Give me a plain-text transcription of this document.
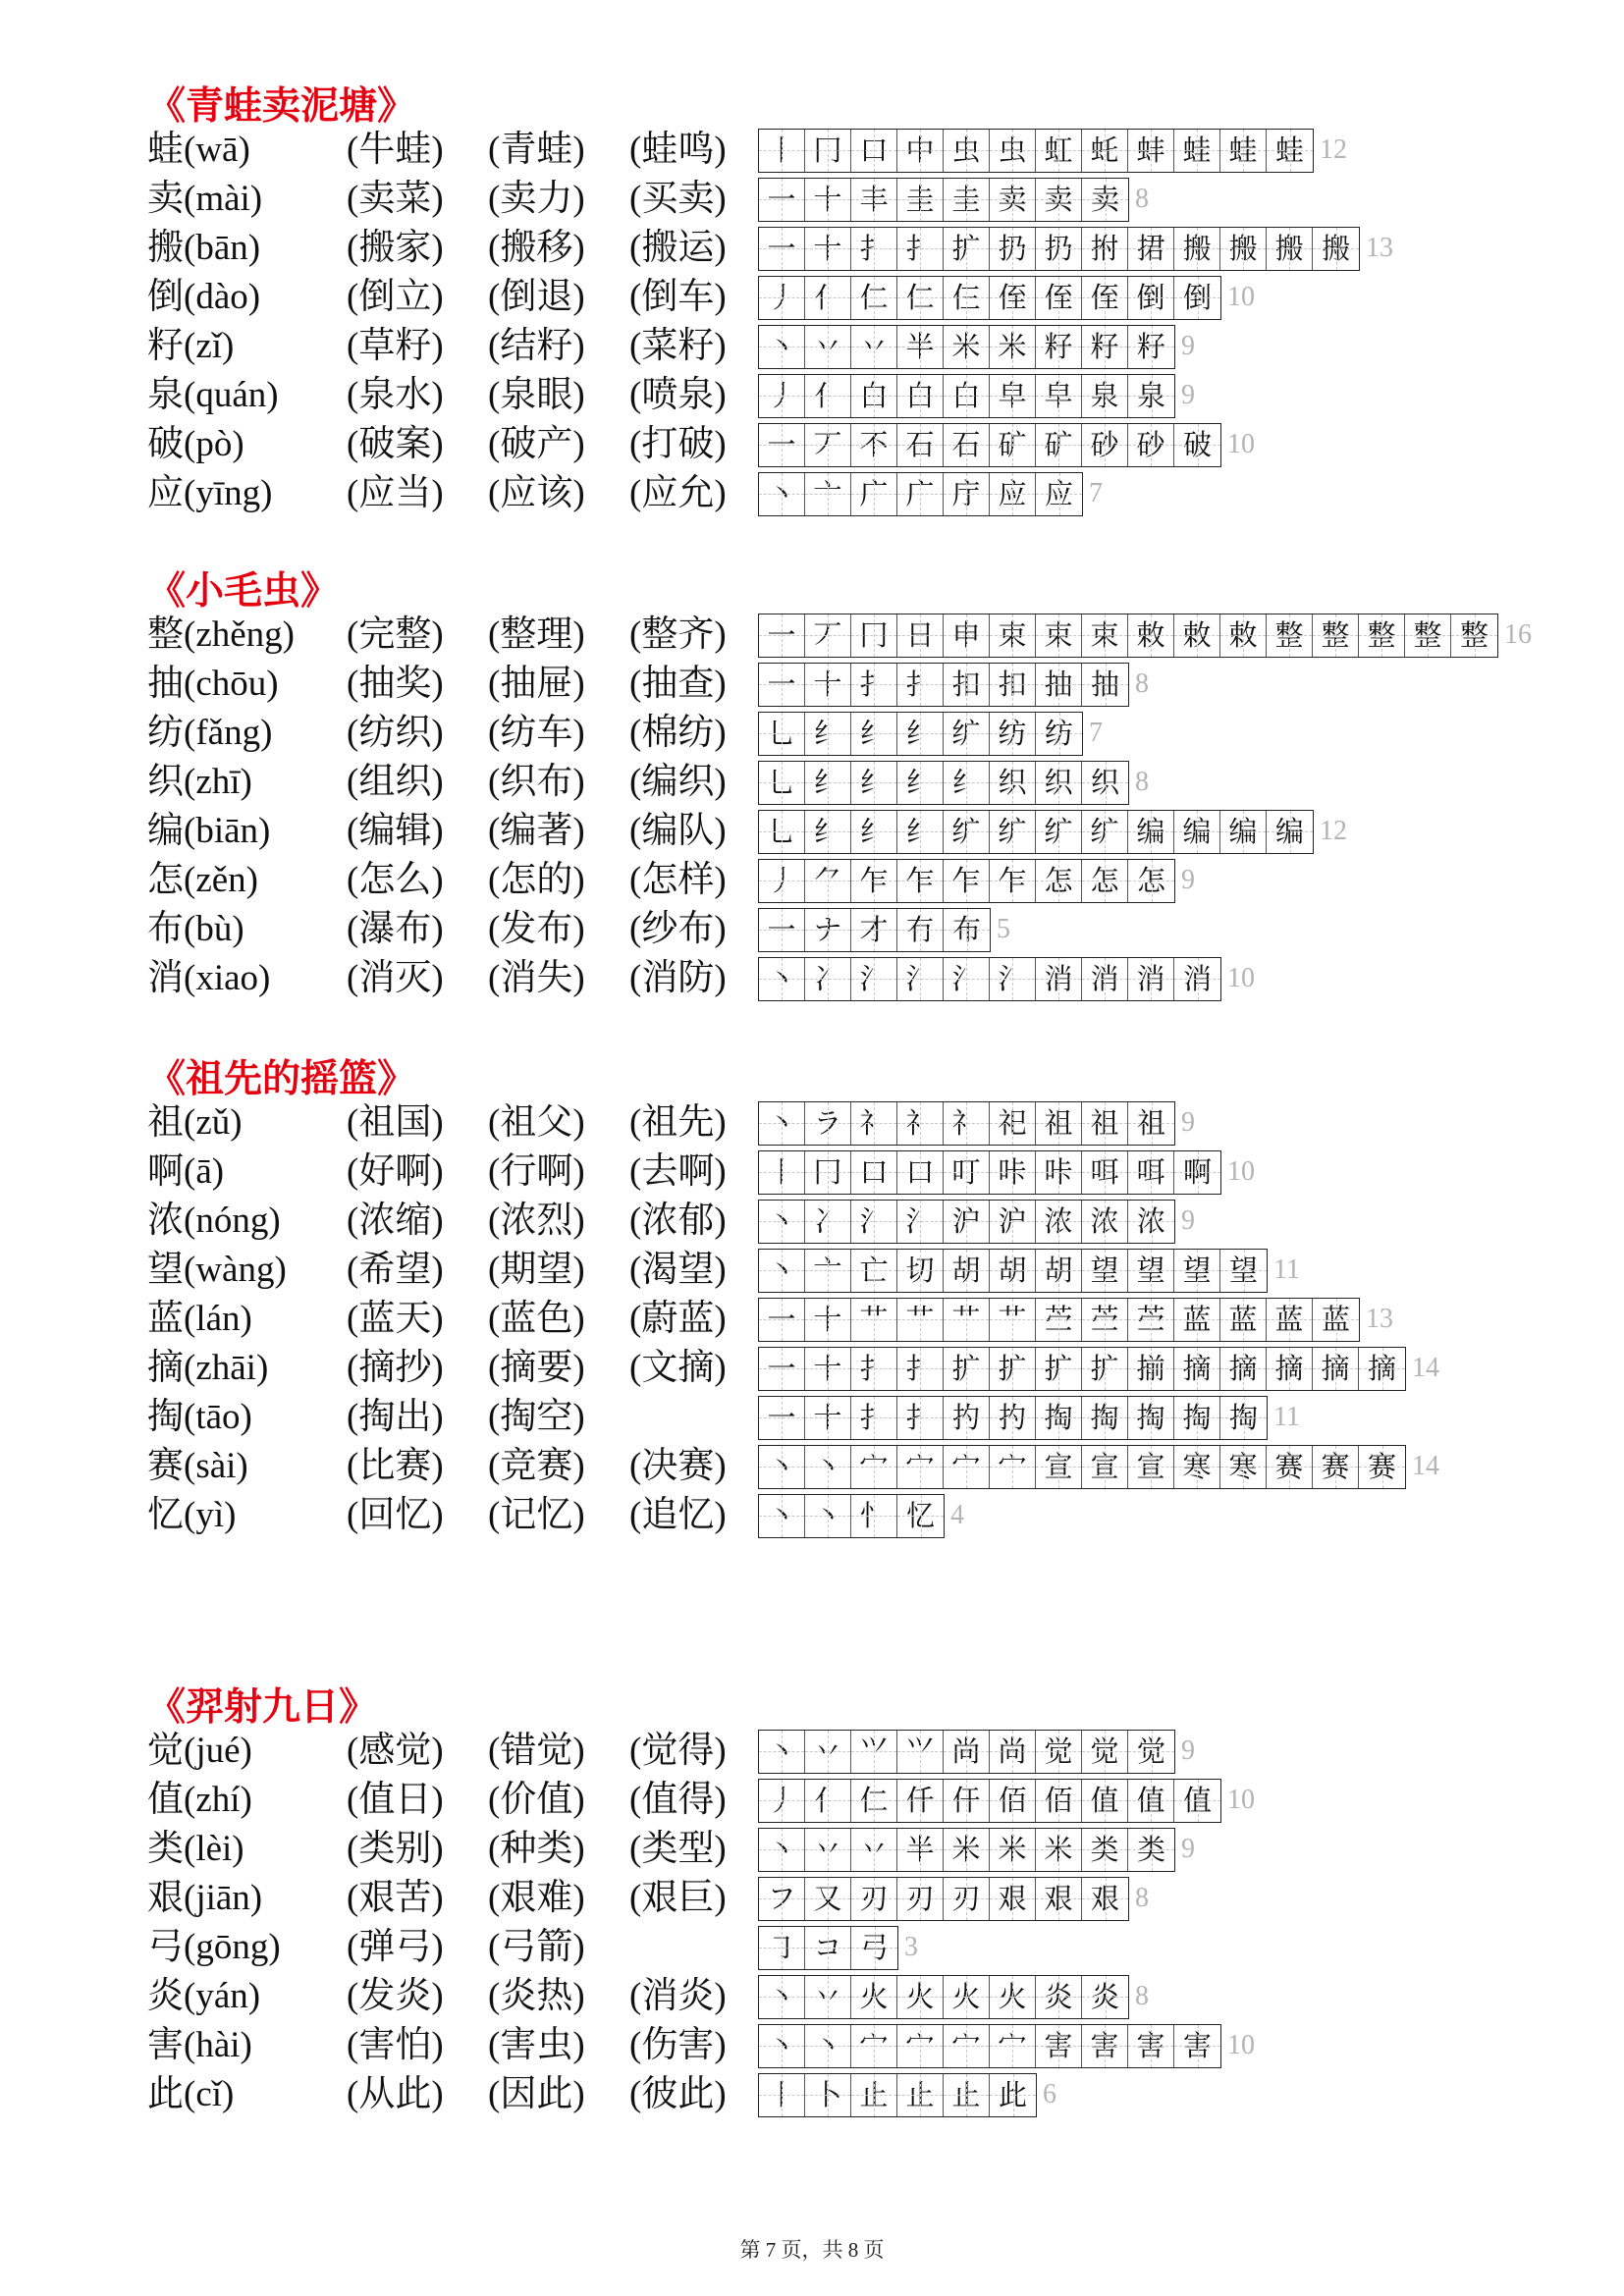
第 7 页，共 8 页
《青蛙卖泥塘》
蛙(wā)	(牛蛙) (青蛙) (蛙鸣) 丨 冂 口 中 虫 虫 虹 虴 蚌 蛙 蛙 蛙 12
卖(mài) (卖菜) (卖力) (买卖) 一 十 丰 圭 圭 卖 卖 卖 8
搬(bān) (搬家) (搬移) (搬运) 一 十 扌 扌 扩 扔 扔 拊 捃 搬 搬 搬 搬 13
倒(dào) (倒立) (倒退) (倒车) 丿 亻 仁 仁 仨 侄 侄 侄 倒 倒 10
籽(zǐ)	(草籽) (结籽) (菜籽) 丶 丷 丷 半 米 米 籽 籽 籽 9
泉(quán) (泉水) (泉眼) (喷泉) 丿 亻 白 白 白 皁 皁 泉 泉 9
破(pò)	(破案) (破产) (打破) 一 丆 不 石 石 矿 矿 砂 砂 破 10
应(yīng) (应当) (应该) (应允) 丶 亠 广 广 庁 应 应 7
《小毛虫》
整(zhěng) (完整) (整理) (整齐) 一 丆 冂 日 申 束 束 束 敕 敕 敕 整 整 整 整 整 16
抽(chōu) (抽奖) (抽屉) (抽查) 一 十 扌 扌 扣 扣 抽 抽 8
纺(fǎng) (纺织) (纺车) (棉纺) 乚 纟 纟 纟 纩 纺 纺 7
织(zhī)	(组织) (织布) (编织) 乚 纟 纟 纟 纟 织 织 织 8
编(biān) (编辑) (编著) (编队) 乚 纟 纟 纟 纩 纩 纩 纩 编 编 编 编 12
怎(zěn) (怎么) (怎的) (怎样) 丿 ⺈ 乍 乍 乍 乍 怎 怎 怎 9
布(bù)	(瀑布) (发布) (纱布) 一 ナ 才 冇 布 5
消(xiao) (消灭) (消失) (消防) 丶 冫 氵 氵 氵 氵 消 消 消 消 10
《祖先的摇篮》
祖(zǔ)	(祖国) (祖父) (祖先) 丶 ラ 礻 礻 礻 祀 祖 祖 祖 9
啊(ā)	(好啊) (行啊) (去啊) 丨 冂 口 口 叮 咔 咔 咡 咡 啊 10
浓(nóng) (浓缩) (浓烈) (浓郁) 丶 冫 氵 氵 沪 沪 浓 浓 浓 9
望(wàng) (希望) (期望) (渴望) 丶 亠 亡 切 胡 胡 胡 望 望 望 望 11
蓝(lán)	(蓝天) (蓝色) (蔚蓝) 一 十 艹 艹 艹 艹 苎 苎 苎 蓝 蓝 蓝 蓝 13
摘(zhāi) (摘抄) (摘要) (文摘) 一 十 扌 扌 扩 扩 扩 扩 揃 摘 摘 摘 摘 摘 14
掏(tāo)	(掏出) (掏空)	一 十 扌 扌 扚 扚 掏 掏 掏 掏 掏 11
赛(sài)	(比赛) (竞赛) (决赛) 丶 丶 宀 宀 宀 宀 宣 宣 宣 寒 寒 赛 赛 赛 14
忆(yì)	(回忆) (记忆) (追忆) 丶 丶 忄 忆 4
《羿射九日》
觉(jué)	(感觉) (错觉) (觉得) 丶 丷 ⺍ ⺍ 尚 尚 觉 觉 觉 9
值(zhí)	(值日) (价值) (值得) 丿 亻 仁 仟 仠 佰 佰 值 值 值 10
类(lèi)	(类别) (种类) (类型) 丶 丷 丷 半 米 米 米 类 类 9
艰(jiān) (艰苦) (艰难) (艰巨) フ 又 刃 刃 刃 艰 艰 艰 8
弓(gōng) (弹弓) (弓箭)	㇆ コ 弓 3
炎(yán) (发炎) (炎热) (消炎) 丶 丷 火 火 火 火 炎 炎 8
害(hài)	(害怕) (害虫) (伤害) 丶 丶 宀 宀 宀 宀 害 害 害 害 10
此(cǐ)	(从此) (因此) (彼此) 丨 卜 止 止 止 此 6
